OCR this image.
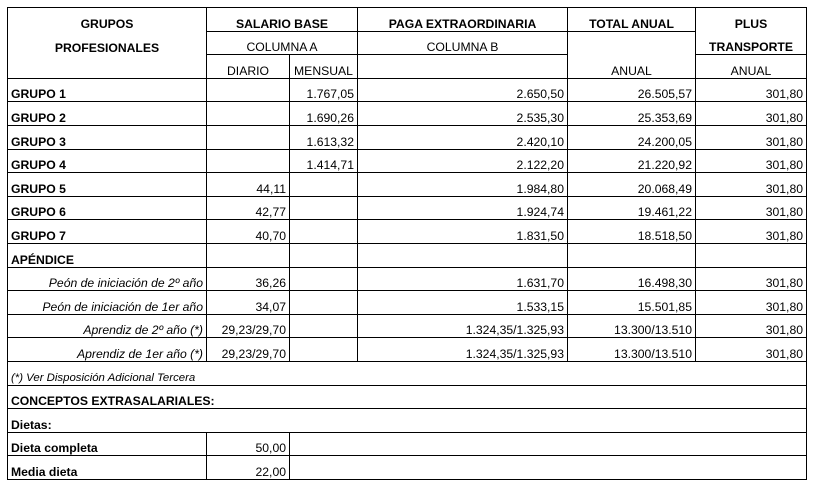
GRUPOS	SALARIO BASE		PAGA EXTRAORDINARIA	TOTAL ANUAL	PLUS
PROFESIONALES	COLUMNA A		COLUMNA B		TRANSPORTE
	DIARIO	MENSUAL		ANUAL	ANUAL
GRUPO 1		1.767,05	2.650,50	26.505,57	301,80
GRUPO 2		1.690,26	2.535,30	25.353,69	301,80
GRUPO 3		1.613,32	2.420,10	24.200,05	301,80
GRUPO 4		1.414,71	2.122,20	21.220,92	301,80
GRUPO 5	44,11		1.984,80	20.068,49	301,80
GRUPO 6	42,77		1.924,74	19.461,22	301,80
GRUPO 7	40,70		1.831,50	18.518,50	301,80
APÉNDICE					
Peón de iniciación de 2º año	36,26		1.631,70	16.498,30	301,80
Peón de iniciación de 1er año	34,07		1.533,15	15.501,85	301,80
Aprendiz de 2º año (*)	29,23/29,70		1.324,35/1.325,93	13.300/13.510	301,80
Aprendiz de 1er año (*)	29,23/29,70		1.324,35/1.325,93	13.300/13.510	301,80
(*) Ver Disposición Adicional Tercera					
CONCEPTOS EXTRASALARIALES:					
Dietas:					
Dieta completa	50,00				
Media dieta	22,00				
